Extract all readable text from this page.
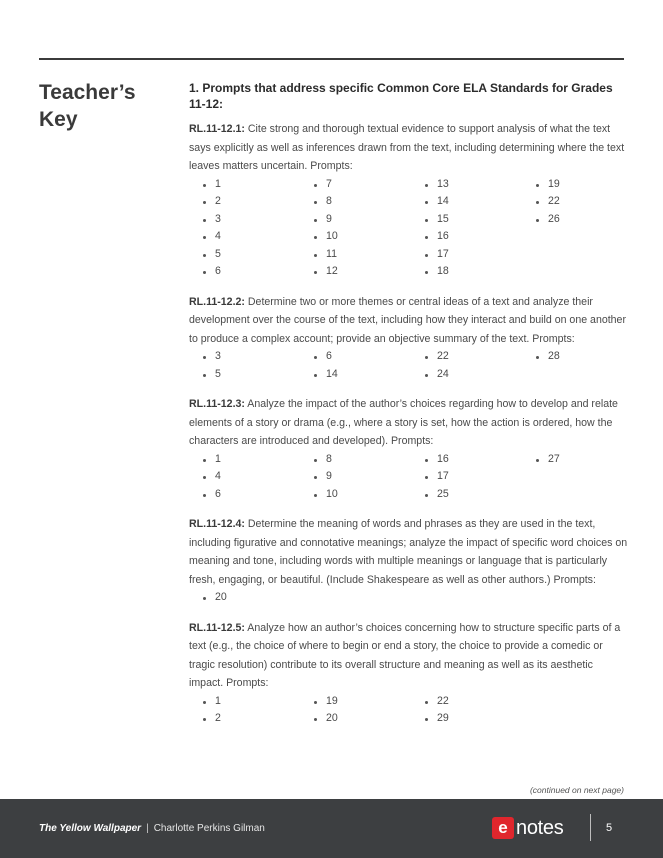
Teacher’s Key
1. Prompts that address specific Common Core ELA Standards for Grades 11-12:

RL.11-12.1: Cite strong and thorough textual evidence to support analysis of what the text says explicitly as well as inferences drawn from the text, including determining where the text leaves matters uncertain. Prompts:

1
2
3
4
5
6
7
8
9
10
11
12
13
14
15
16
17
18
19
22
26

RL.11-12.2: Determine two or more themes or central ideas of a text and analyze their development over the course of the text, including how they interact and build on one another to produce a complex account; provide an objective summary of the text. Prompts:

3
5
6
14
22
24
28

RL.11-12.3: Analyze the impact of the author’s choices regarding how to develop and relate elements of a story or drama (e.g., where a story is set, how the action is ordered, how the characters are introduced and developed). Prompts:

1
4
6
8
9
10
16
17
25
27

RL.11-12.4: Determine the meaning of words and phrases as they are used in the text, including figurative and connotative meanings; analyze the impact of specific word choices on meaning and tone, including words with multiple meanings or language that is particularly fresh, engaging, or beautiful. (Include Shakespeare as well as other authors.) Prompts:

20

RL.11-12.5: Analyze how an author’s choices concerning how to structure specific parts of a text (e.g., the choice of where to begin or end a story, the choice to provide a comedic or tragic resolution) contribute to its overall structure and meaning as well as its aesthetic impact. Prompts:

1
2
19
20
22
29
(continued on next page)
The Yellow Wallpaper | Charlotte Perkins Gilman	e notes	5
